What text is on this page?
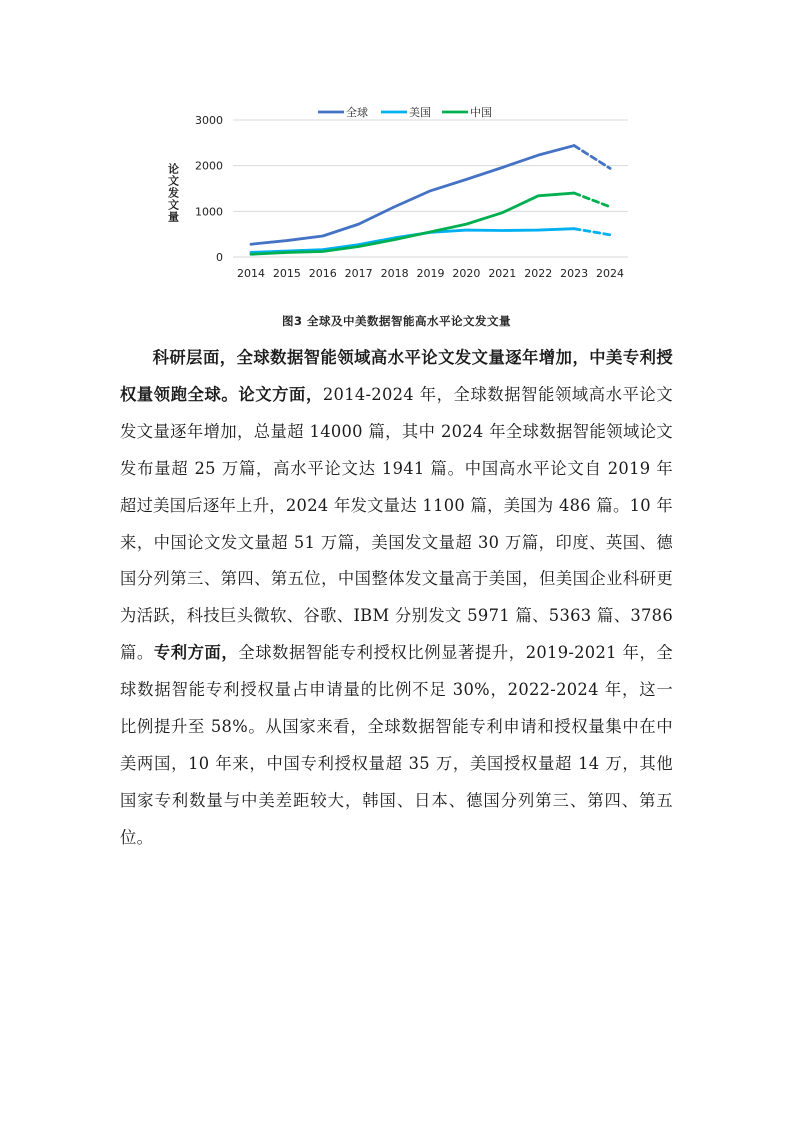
0
1000
2000
3000
2014 2015 2016 2017 2018 2019 2020 2021 2022 2023 2024
全球	美国	中国
论文发文量
图3 全球及中美数据智能高水平论文发文量

科研层面，全球数据智能领域高水平论文发文量逐年增加，中美专利授权量领跑全球。论文方面，2014-2024 年，全球数据智能领域高水平论文发文量逐年增加，总量超 14000 篇，其中 2024 年全球数据智能领域论文发布量超 25 万篇，高水平论文达 1941 篇。中国高水平论文自 2019 年超过美国后逐年上升，2024 年发文量达 1100 篇，美国为 486 篇。10 年来，中国论文发文量超 51 万篇，美国发文量超 30 万篇，印度、英国、德国分列第三、第四、第五位，中国整体发文量高于美国，但美国企业科研更为活跃，科技巨头微软、谷歌、IBM 分别发文 5971 篇、5363 篇、3786 篇。专利方面，全球数据智能专利授权比例显著提升，2019-2021 年，全球数据智能专利授权量占申请量的比例不足 30%，2022-2024 年，这一比例提升至 58%。从国家来看，全球数据智能专利申请和授权量集中在中美两国，10 年来，中国专利授权量超 35 万，美国授权量超 14 万，其他国家专利数量与中美差距较大，韩国、日本、德国分列第三、第四、第五位。
